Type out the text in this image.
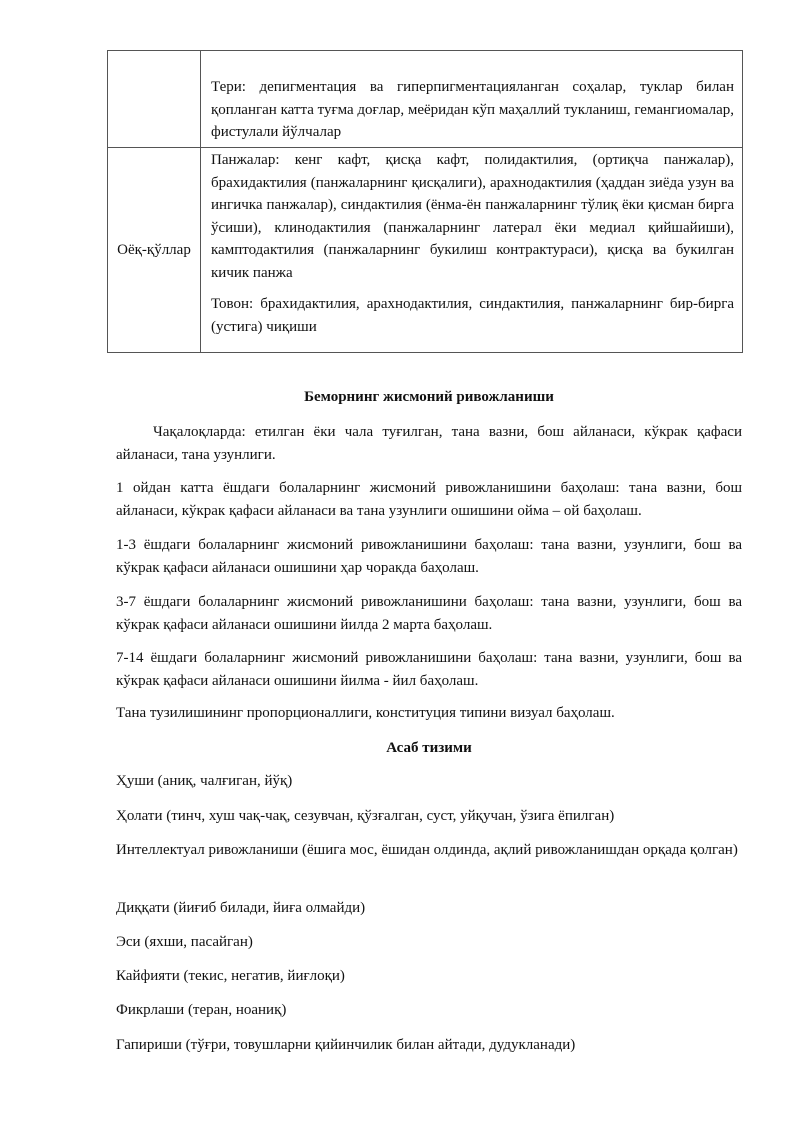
	Тери: депигментация ва гиперпигментацияланган соҳалар, туклар билан қопланган катта туғма доғлар, меёридан кўп маҳаллий тукланиш, гемангиомалар, фистулали йўлчалар

Оёқ-қўллар	Панжалар: кенг кафт, қисқа кафт, полидактилия, (ортиқча панжалар), брахидактилия (панжаларнинг қисқалиги), арахнодактилия (ҳаддан зиёда узун ва ингичка панжалар), синдактилия (ёнма-ён панжаларнинг тўлиқ ёки қисман бирга ўсиши), клинодактилия (панжаларнинг латерал ёки медиал қийшайиши), камптодактилия (панжаларнинг букилиш контрактураси), қисқа ва букилган кичик панжа

Товон: брахидактилия, арахнодактилия, синдактилия, панжаларнинг бир-бирга (устига) чиқиши

Беморнинг жисмоний ривожланиши

Чақалоқларда: етилган ёки чала туғилган, тана вазни, бош айланаси, кўкрак қафаси айланаси, тана узунлиги.

1 ойдан катта ёшдаги болаларнинг жисмоний ривожланишини баҳолаш: тана вазни, бош айланаси, кўкрак қафаси айланаси ва тана узунлиги ошишини ойма – ой баҳолаш.

1-3 ёшдаги болаларнинг жисмоний ривожланишини баҳолаш: тана вазни, узунлиги, бош ва кўкрак қафаси айланаси ошишини ҳар чоракда баҳолаш.

3-7 ёшдаги болаларнинг жисмоний ривожланишини баҳолаш: тана вазни, узунлиги, бош ва кўкрак қафаси айланаси ошишини йилда 2 марта баҳолаш.

7-14 ёшдаги болаларнинг жисмоний ривожланишини баҳолаш: тана вазни, узунлиги, бош ва кўкрак қафаси айланаси ошишини йилма - йил баҳолаш.

Тана тузилишининг пропорционаллиги, конституция типини визуал баҳолаш.

Асаб тизими

Ҳуши (аниқ, чалғиган, йўқ)

Ҳолати (тинч, хуш чақ-чақ, сезувчан, қўзғалган, суст, уйқучан, ўзига ёпилган)

Интеллектуал ривожланиши (ёшига мос, ёшидан олдинда, ақлий ривожланишдан орқада қолган)

Диққати (йиғиб билади, йиға олмайди)

Эси (яхши, пасайган)

Кайфияти (текис, негатив, йиғлоқи)

Фикрлаши (теран, ноаниқ)

Гапириши (тўғри, товушларни қийинчилик билан айтади, дудукланади)
